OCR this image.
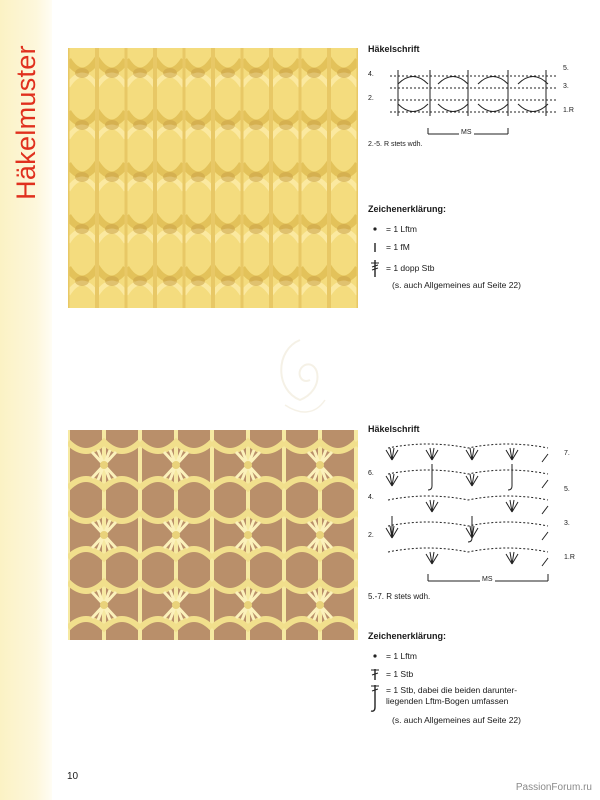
Häkelmuster	Häkelschrift
4.
2.
5.
3.
1.R
MS
2.-5. R stets wdh.
Zeichenerklärung:
= 1 Lftm
= 1 fM
= 1 dopp Stb
(s. auch Allgemeines auf Seite 22)
Häkelschrift
6.
4.
2.
7.
5.
3.
1.R
MS
5.-7. R stets wdh.
Zeichenerklärung:
= 1 Lftm
= 1 Stb
= 1 Stb, dabei die beiden darunter-
liegenden Lftm-Bogen umfassen
(s. auch Allgemeines auf Seite 22)
10
PassionForum.ru
